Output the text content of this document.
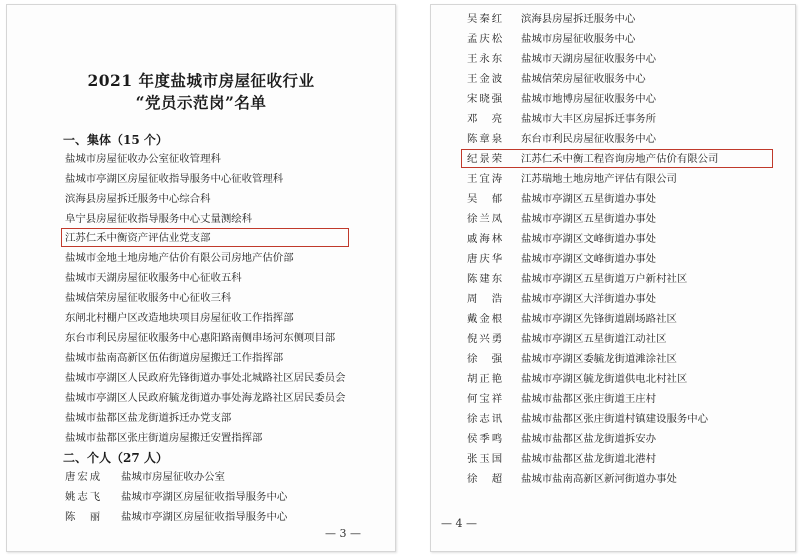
2021 年度盐城市房屋征收行业
“党员示范岗”名单
一、集体（15 个）
盐城市房屋征收办公室征收管理科
盐城市亭湖区房屋征收指导服务中心征收管理科
滨海县房屋拆迁服务中心综合科
阜宁县房屋征收指导服务中心丈量测绘科
江苏仁禾中衡资产评估业党支部
盐城市金地土地房地产估价有限公司房地产估价部
盐城市天湖房屋征收服务中心征收五科
盐城信荣房屋征收服务中心征收三科
东闸北村棚户区改造地块项目房屋征收工作指挥部
东台市利民房屋征收服务中心惠阳路南侧串场河东侧项目部
盐城市盐南高新区伍佑街道房屋搬迁工作指挥部
盐城市亭湖区人民政府先锋街道办事处北城路社区居民委员会
盐城市亭湖区人民政府毓龙街道办事处海龙路社区居民委员会
盐城市盐都区盐龙街道拆迁办党支部
盐城市盐都区张庄街道房屋搬迁安置指挥部
二、个人（27 人）
唐宏成 盐城市房屋征收办公室
姚志飞 盐城市亭湖区房屋征收指导服务中心
陈　丽 盐城市亭湖区房屋征收指导服务中心
— 3 —
吴秦红 滨海县房屋拆迁服务中心
孟庆松 盐城市房屋征收服务中心
王永东 盐城市天湖房屋征收服务中心
王金波 盐城信荣房屋征收服务中心
宋晓强 盐城市地博房屋征收服务中心
邓　亮 盐城市大丰区房屋拆迁事务所
陈章泉 东台市利民房屋征收服务中心
纪景荣 江苏仁禾中衡工程咨询房地产估价有限公司
王宜涛 江苏瑞地土地房地产评估有限公司
吴　郁 盐城市亭湖区五星街道办事处
徐兰凤 盐城市亭湖区五星街道办事处
戚海林 盐城市亭湖区文峰街道办事处
唐庆华 盐城市亭湖区文峰街道办事处
陈建东 盐城市亭湖区五星街道万户新村社区
周　浩 盐城市亭湖区大洋街道办事处
戴金根 盐城市亭湖区先锋街道剧场路社区
倪兴勇 盐城市亭湖区五星街道江动社区
徐　强 盐城市亭湖区委毓龙街道滩涂社区
胡正艳 盐城市亭湖区毓龙街道供电北村社区
何宝祥 盐城市盐都区张庄街道王庄村
徐志讯 盐城市盐都区张庄街道村镇建设服务中心
侯季鸣 盐城市盐都区盐龙街道拆安办
张玉国 盐城市盐都区盐龙街道北港村
徐　超 盐城市盐南高新区新河街道办事处
— 4 —
